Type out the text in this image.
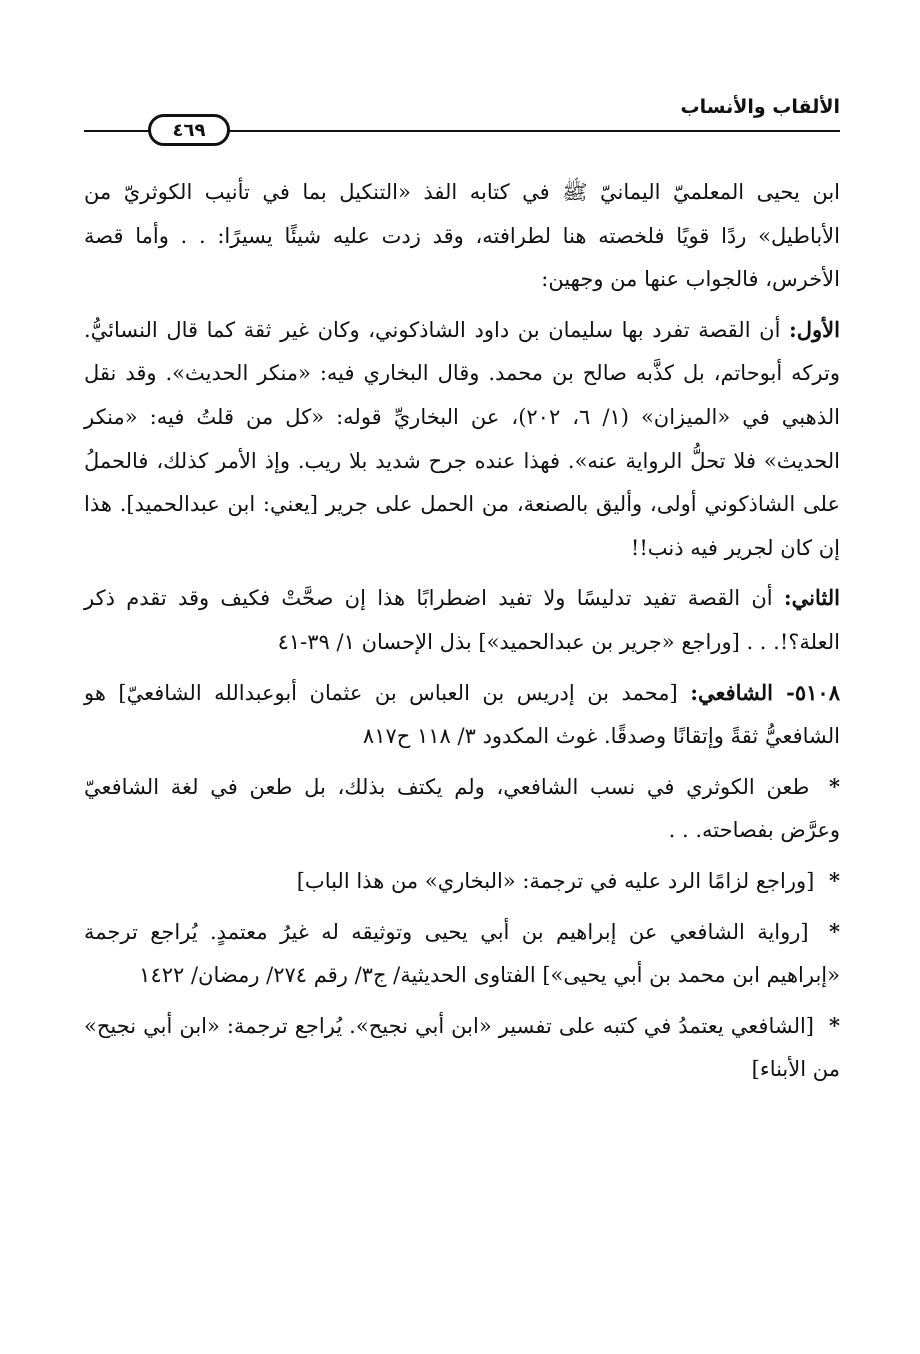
الألقاب والأنساب
٤٦٩

ابن يحيى المعلميّ اليمانيّ ﷺ في كتابه الفذ «التنكيل بما في تأنيب الكوثريّ من الأباطيل» ردًا قويًا فلخصته هنا لطرافته، وقد زدت عليه شيئًا يسيرًا: . . وأما قصة الأخرس، فالجواب عنها من وجهين:

الأول: أن القصة تفرد بها سليمان بن داود الشاذكوني، وكان غير ثقة كما قال النسائيُّ. وتركه أبوحاتم، بل كذَّبه صالح بن محمد. وقال البخاري فيه: «منكر الحديث». وقد نقل الذهبي في «الميزان» (١/ ٦، ٢٠٢)، عن البخاريِّ قوله: «كل من قلتُ فيه: «منكر الحديث» فلا تحلُّ الرواية عنه». فهذا عنده جرح شديد بلا ريب. وإذ الأمر كذلك، فالحملُ على الشاذكوني أولى، وأليق بالصنعة، من الحمل على جرير [يعني: ابن عبدالحميد]. هذا إن كان لجرير فيه ذنب!!

الثاني: أن القصة تفيد تدليسًا ولا تفيد اضطرابًا هذا إن صحَّتْ فكيف وقد تقدم ذكر العلة؟!. . . [وراجع «جرير بن عبدالحميد»] بذل الإحسان ١/ ٣٩-٤١

٥١٠٨- الشافعي: [محمد بن إدريس بن العباس بن عثمان أبوعبدالله الشافعيّ] هو الشافعيُّ ثقةً وإتقانًا وصدقًا. غوث المكدود ٣/ ١١٨ ح٨١٧

* طعن الكوثري في نسب الشافعي، ولم يكتف بذلك، بل طعن في لغة الشافعيّ وعرَّض بفصاحته. . .

* [وراجع لزامًا الرد عليه في ترجمة: «البخاري» من هذا الباب]

* [رواية الشافعي عن إبراهيم بن أبي يحيى وتوثيقه له غيرُ معتمدٍ. يُراجع ترجمة «إبراهيم ابن محمد بن أبي يحيى»] الفتاوى الحديثية/ ج٣/ رقم ٢٧٤/ رمضان/ ١٤٢٢

* [الشافعي يعتمدُ في كتبه على تفسير «ابن أبي نجيح». يُراجع ترجمة: «ابن أبي نجيح» من الأبناء]
